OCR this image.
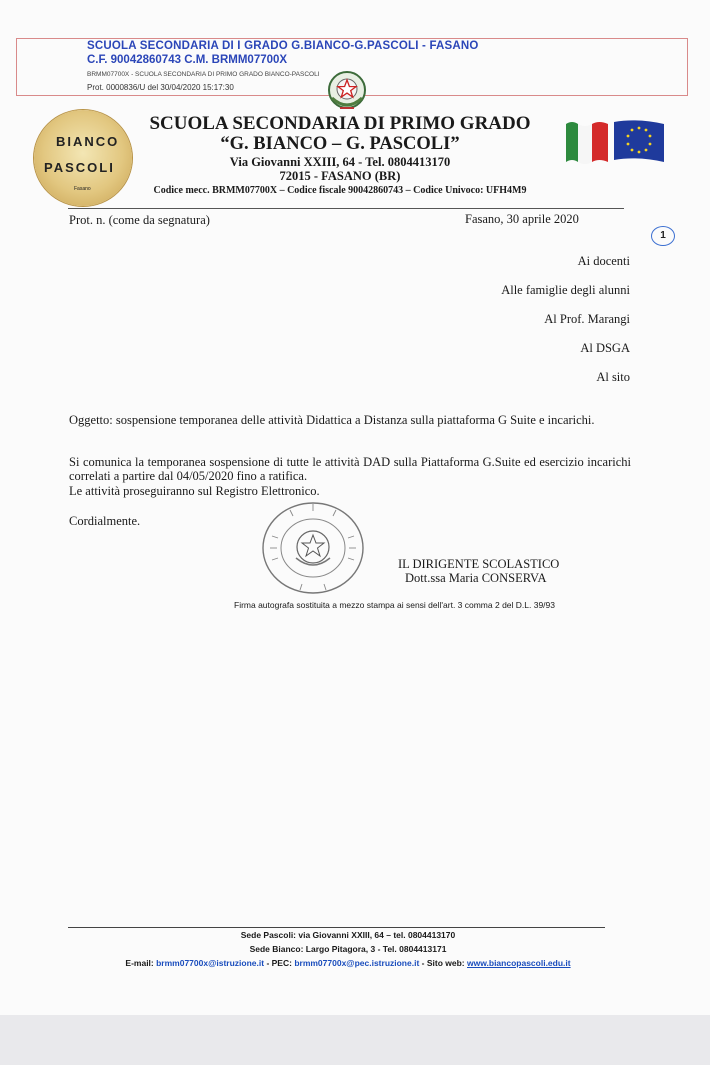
SCUOLA SECONDARIA DI I GRADO G.BIANCO-G.PASCOLI - FASANO
C.F. 90042860743 C.M. BRMM07700X
BRMM07700X - SCUOLA SECONDARIA DI PRIMO GRADO BIANCO-PASCOLI
Prot. 0000836/U del 30/04/2020 15:17:30
BIANCO
PASCOLI
Fasano
SCUOLA SECONDARIA DI PRIMO GRADO
“G. BIANCO – G. PASCOLI”
Via Giovanni XXIII, 64 - Tel. 0804413170
72015 - FASANO (BR)
Codice mecc. BRMM07700X – Codice fiscale 90042860743 – Codice Univoco: UFH4M9
Prot. n. (come da segnatura)	Fasano, 30 aprile 2020
1
Ai docenti
Alle famiglie degli alunni
Al Prof. Marangi
Al DSGA
Al sito
Oggetto: sospensione temporanea delle attività Didattica a Distanza sulla piattaforma G Suite e incarichi.
Si comunica la temporanea sospensione di tutte le attività DAD sulla Piattaforma G.Suite ed esercizio incarichi correlati a partire dal 04/05/2020 fino a ratifica.
Le attività proseguiranno sul Registro Elettronico.
Cordialmente.
IL DIRIGENTE SCOLASTICO
Dott.ssa Maria CONSERVA
Firma autografa sostituita a mezzo stampa ai sensi dell'art. 3 comma 2 del D.L. 39/93
Sede Pascoli: via Giovanni XXIII, 64 – tel. 0804413170
Sede Bianco: Largo Pitagora, 3 - Tel. 0804413171
E-mail: brmm07700x@istruzione.it - PEC: brmm07700x@pec.istruzione.it - Sito web: www.biancopascoli.edu.it
